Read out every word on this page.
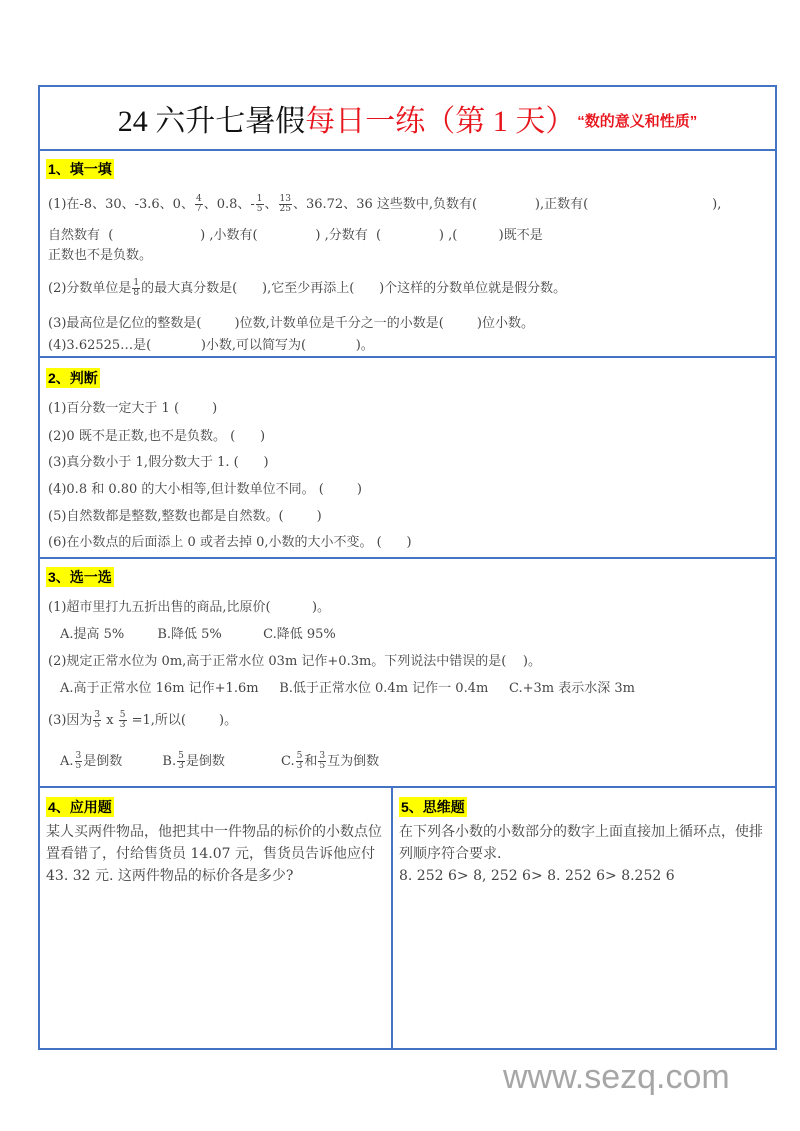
24 六升七暑假 每日一练（第 1 天） “数的意义和性质”
1、填一填
(1)在-8、30、-3.6、0、 $\frac{4}{7}$ 、0.8、- $\frac{1}{5}$ 、 $\frac{13}{25}$ 、36.72、36 这些数中,负数有(              ),正数有(                              ),
自然数有  (                     ) ,小数有(              ) ,分数有  (              ) ,(          )既不是
正数也不是负数。
(2)分数单位是 $\frac{1}{8}$ 的最大真分数是(      ),它至少再添上(      )个这样的分数单位就是假分数。
(3)最高位是亿位的整数是(        )位数,计数单位是千分之一的小数是(        )位小数。
(4)3.62525…是(            )小数,可以简写为(            )。
2、判断
(1)百分数一定大于 1 (        )
(2)0 既不是正数,也不是负数。 (      )
(3)真分数小于 1,假分数大于 1. (      )
(4)0.8 和 0.80 的大小相等,但计数单位不同。 (        )
(5)自然数都是整数,整数也都是自然数。(        )
(6)在小数点的后面添上 0 或者去掉 0,小数的大小不变。 (      )
3、选一选
(1)超市里打九五折出售的商品,比原价(          )。
A.提高 5%        B.降低 5%          C.降低 95%
(2)规定正常水位为 0m,高于正常水位 03m 记作+0.3m。下列说法中错误的是(    )。
A.高于正常水位 16m 记作+1.6m     B.低于正常水位 0.4m 记作一 0.4m     C.+3m 表示水深 3m
(3)因为 $\frac{3}{5}$ x $\frac{5}{3} =1$,所以(        )。
A. $\frac{3}{5}$ 是倒数	B. $\frac{5}{3}$ 是倒数	C. $\frac{5}{3}$ 和 $\frac{3}{5}$ 互为倒数
4、应用题
某人买两件物品，他把其中一件物品的标价的小数点位置看错了，付给售货员 14.07 元，售货员告诉他应付 43. 32 元. 这两件物品的标价各是多少?
5、思维题
在下列各小数的小数部分的数字上面直接加上循环点，使排列顺序符合要求.
8. 252 6> 8, 252 6> 8. 252 6> 8.252 6
www.sezq.com
